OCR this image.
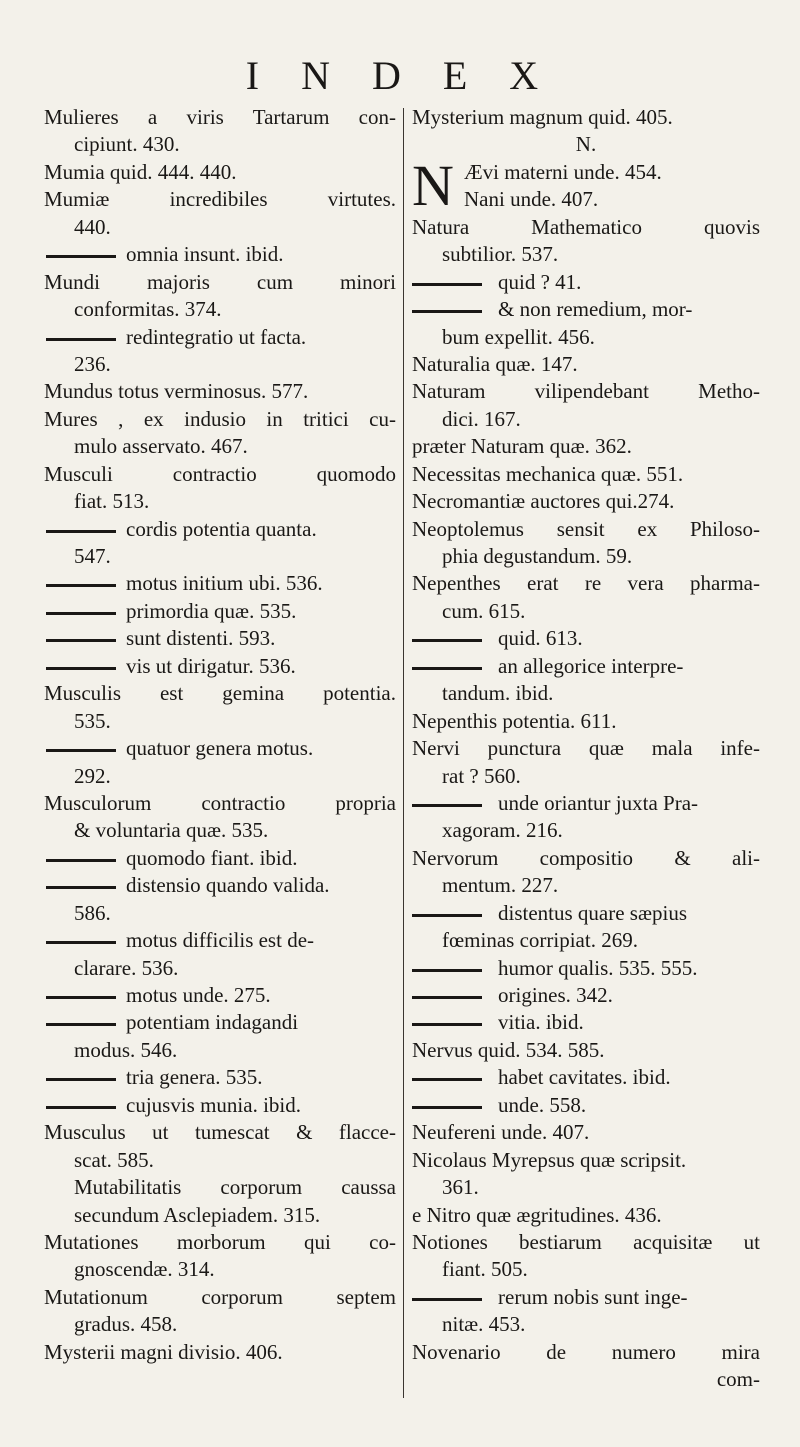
I N D E X
Mulieres a viris Tartarum con-
cipiunt. 430.
Mumia quid. 444. 440.
Mumiæ incredibiles virtutes.
440.
omnia insunt. ibid.
Mundi majoris cum minori
conformitas. 374.
redintegratio ut facta.
236.
Mundus totus verminosus. 577.
Mures , ex indusio in tritici cu-
mulo asservato. 467.
Musculi contractio quomodo
fiat. 513.
cordis potentia quanta.
547.
motus initium ubi. 536.
primordia quæ. 535.
sunt distenti. 593.
vis ut dirigatur. 536.
Musculis est gemina potentia.
535.
quatuor genera motus.
292.
Musculorum contractio propria
& voluntaria quæ. 535.
quomodo fiant. ibid.
distensio quando valida.
586.
motus difficilis est de-
clarare. 536.
motus unde. 275.
potentiam indagandi
modus. 546.
tria genera. 535.
cujusvis munia. ibid.
Musculus ut tumescat & flacce-
scat. 585.
Mutabilitatis corporum caussa
secundum Asclepiadem. 315.
Mutationes morborum qui co-
gnoscendæ. 314.
Mutationum corporum septem
gradus. 458.
Mysterii magni divisio. 406.
Mysterium magnum quid. 405.
N.
N Ævi materni unde. 454.
Nani unde. 407.
Natura Mathematico quovis
subtilior. 537.
quid ? 41.
& non remedium, mor-
bum expellit. 456.
Naturalia quæ. 147.
Naturam vilipendebant Metho-
dici. 167.
præter Naturam quæ. 362.
Necessitas mechanica quæ. 551.
Necromantiæ auctores qui.274.
Neoptolemus sensit ex Philoso-
phia degustandum. 59.
Nepenthes erat re vera pharma-
cum. 615.
quid. 613.
an allegorice interpre-
tandum. ibid.
Nepenthis potentia. 611.
Nervi punctura quæ mala infe-
rat ? 560.
unde oriantur juxta Pra-
xagoram. 216.
Nervorum compositio & ali-
mentum. 227.
distentus quare sæpius
fœminas corripiat. 269.
humor qualis. 535. 555.
origines. 342.
vitia. ibid.
Nervus quid. 534. 585.
habet cavitates. ibid.
unde. 558.
Neufereni unde. 407.
Nicolaus Myrepsus quæ scripsit.
361.
e Nitro quæ ægritudines. 436.
Notiones bestiarum acquisitæ ut
fiant. 505.
rerum nobis sunt inge-
nitæ. 453.
Novenario de numero mira
com-
